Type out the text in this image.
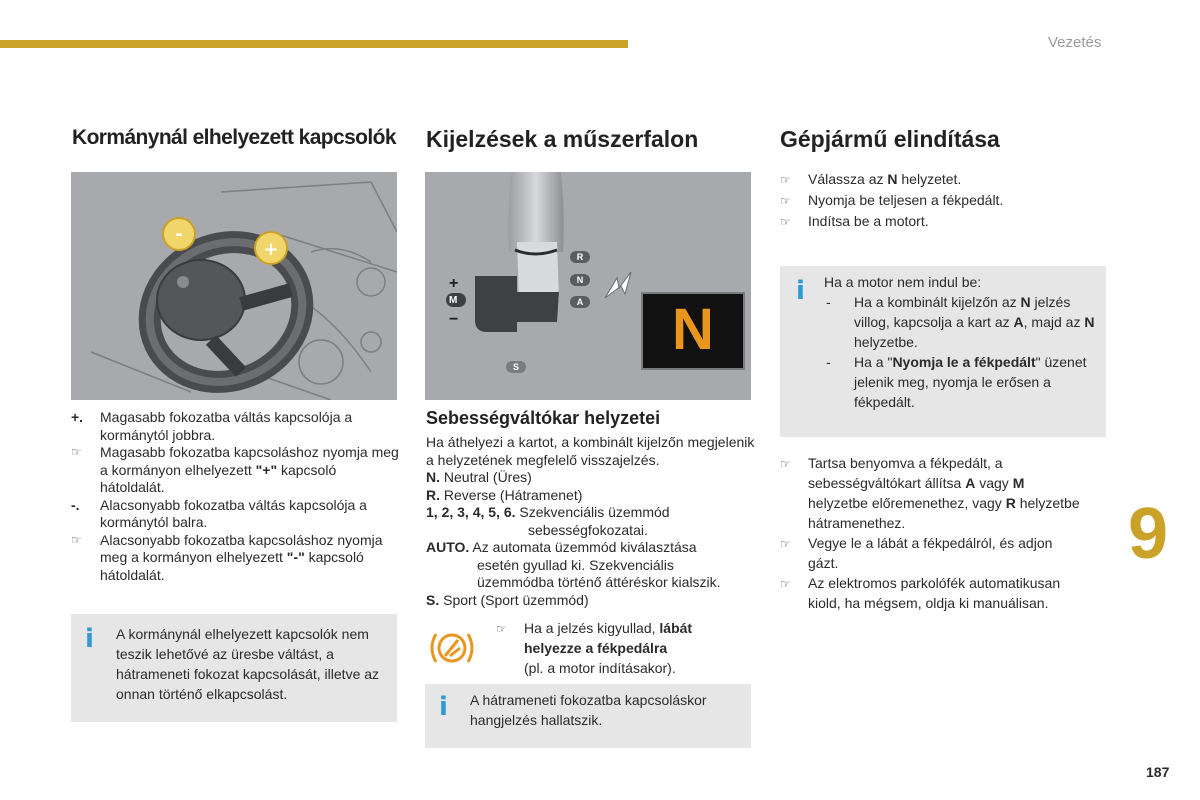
Vezetés
Kormánynál elhelyezett kapcsolók
-
+
+.	Magasabb fokozatba váltás kapcsolója a kormánytól jobbra.
☞	Magasabb fokozatba kapcsoláshoz nyomja meg a kormányon elhelyezett "+" kapcsoló hátoldalát.
-.	Alacsonyabb fokozatba váltás kapcsolója a kormánytól balra.
☞	Alacsonyabb fokozatba kapcsoláshoz nyomja meg a kormányon elhelyezett "-" kapcsoló hátoldalát.
i A kormánynál elhelyezett kapcsolók nem teszik lehetővé az üresbe váltást, a hátrameneti fokozat kapcsolását, illetve az onnan történő elkapcsolást.
Kijelzések a műszerfalon
+
M
−
R
N
A
S
N
Sebességváltókar helyzetei
Ha áthelyezi a kartot, a kombinált kijelzőn megjelenik a helyzetének megfelelő visszajelzés.
N. Neutral (Üres)
R. Reverse (Hátramenet)
1, 2, 3, 4, 5, 6. Szekvenciális üzemmód
sebességfokozatai.
AUTO. Az automata üzemmód kiválasztása
esetén gyullad ki. Szekvenciális
üzemmódba történő áttéréskor kialszik.
S. Sport (Sport üzemmód)
☞	Ha a jelzés kigyullad, lábát helyezze a fékpedálra
(pl. a motor indításakor).
i A hátrameneti fokozatba kapcsoláskor hangjelzés hallatszik.
Gépjármű elindítása
☞	Válassza az N helyzetet.
☞	Nyomja be teljesen a fékpedált.
☞	Indítsa be a motort.
i Ha a motor nem indul be:
-	Ha a kombinált kijelzőn az N jelzés villog, kapcsolja a kart az A, majd az N helyzetbe.
-	Ha a "Nyomja le a fékpedált" üzenet jelenik meg, nyomja le erősen a fékpedált.
☞	Tartsa benyomva a fékpedált, a sebességváltókart állítsa A vagy M helyzetbe előremenethez, vagy R helyzetbe hátramenethez.
☞	Vegye le a lábát a fékpedálról, és adjon gázt.
☞	Az elektromos parkolófék automatikusan kiold, ha mégsem, oldja ki manuálisan.
9
187
